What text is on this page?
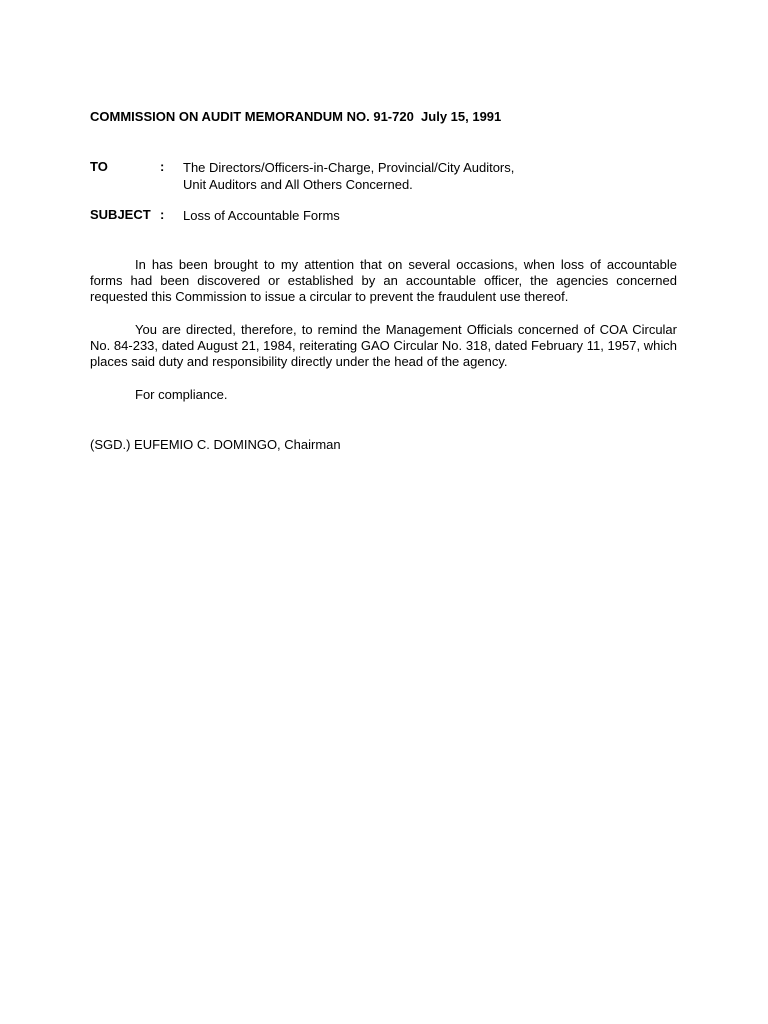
COMMISSION ON AUDIT MEMORANDUM NO. 91-720  July 15, 1991
TO	: The Directors/Officers-in-Charge, Provincial/City Auditors,
Unit Auditors and All Others Concerned.
SUBJECT : Loss of Accountable Forms
In has been brought to my attention that on several occasions, when loss of accountable forms had been discovered or established by an accountable officer, the agencies concerned requested this Commission to issue a circular to prevent the fraudulent use thereof.
You are directed, therefore, to remind the Management Officials concerned of COA Circular No. 84-233, dated August 21, 1984, reiterating GAO Circular No. 318, dated February 11, 1957, which places said duty and responsibility directly under the head of the agency.
For compliance.
(SGD.) EUFEMIO C. DOMINGO, Chairman
